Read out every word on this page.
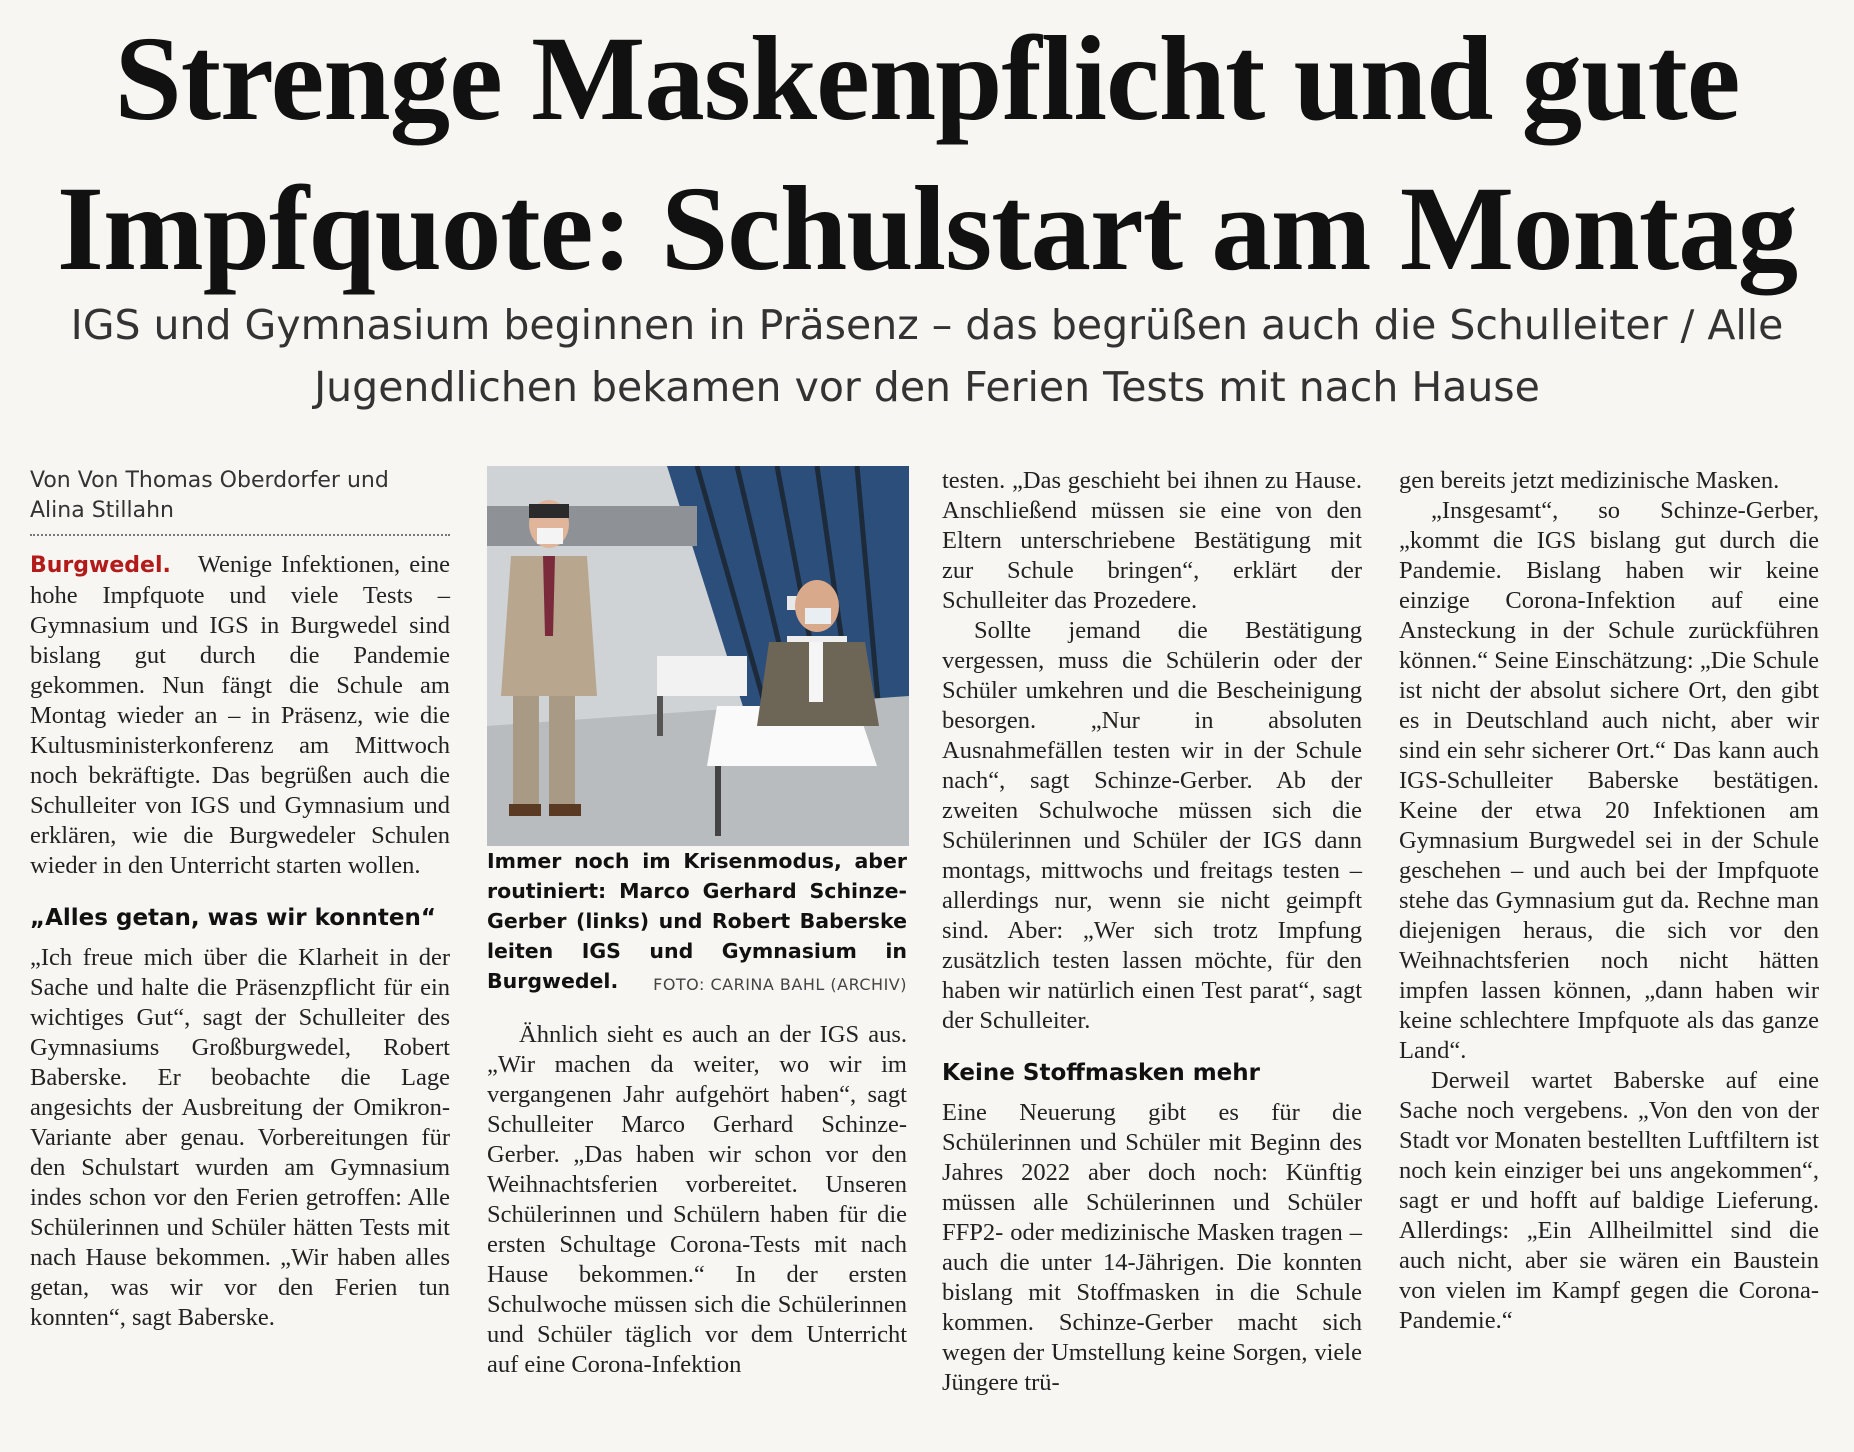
Strenge Maskenpflicht und gute Impfquote: Schulstart am Montag
IGS und Gymnasium beginnen in Präsenz – das begrüßen auch die Schulleiter / Alle Jugendlichen bekamen vor den Ferien Tests mit nach Hause
Von Von Thomas Oberdorfer und Alina Stillahn

Burgwedel. Wenige Infektionen, eine hohe Impfquote und viele Tests – Gymnasium und IGS in Burgwedel sind bislang gut durch die Pandemie gekommen. Nun fängt die Schule am Montag wieder an – in Präsenz, wie die Kultusministerkonferenz am Mittwoch noch bekräftigte. Das begrüßen auch die Schulleiter von IGS und Gymnasium und erklären, wie die Burgwedeler Schulen wieder in den Unterricht starten wollen.

„Alles getan, was wir konnten“

„Ich freue mich über die Klarheit in der Sache und halte die Präsenzpflicht für ein wichtiges Gut“, sagt der Schulleiter des Gymnasiums Großburgwedel, Robert Baberske. Er beobachte die Lage angesichts der Ausbreitung der Omikron-Variante aber genau. Vorbereitungen für den Schulstart wurden am Gymnasium indes schon vor den Ferien getroffen: Alle Schülerinnen und Schüler hätten Tests mit nach Hause bekommen. „Wir haben alles getan, was wir vor den Ferien tun konnten“, sagt Baberske.

Immer noch im Krisenmodus, aber routiniert: Marco Gerhard Schinze-Gerber (links) und Robert Baberske leiten IGS und Gymnasium in Burgwedel. FOTO: CARINA BAHL (ARCHIV)

Ähnlich sieht es auch an der IGS aus. „Wir machen da weiter, wo wir im vergangenen Jahr aufgehört haben“, sagt Schulleiter Marco Gerhard Schinze-Gerber. „Das haben wir schon vor den Weihnachtsferien vorbereitet. Unseren Schülerinnen und Schülern haben für die ersten Schultage Corona-Tests mit nach Hause bekommen.“ In der ersten Schulwoche müssen sich die Schülerinnen und Schüler täglich vor dem Unterricht auf eine Corona-Infektion

testen. „Das geschieht bei ihnen zu Hause. Anschließend müssen sie eine von den Eltern unterschriebene Bestätigung mit zur Schule bringen“, erklärt der Schulleiter das Prozedere.

Sollte jemand die Bestätigung vergessen, muss die Schülerin oder der Schüler umkehren und die Bescheinigung besorgen. „Nur in absoluten Ausnahmefällen testen wir in der Schule nach“, sagt Schinze-Gerber. Ab der zweiten Schulwoche müssen sich die Schülerinnen und Schüler der IGS dann montags, mittwochs und freitags testen – allerdings nur, wenn sie nicht geimpft sind. Aber: „Wer sich trotz Impfung zusätzlich testen lassen möchte, für den haben wir natürlich einen Test parat“, sagt der Schulleiter.

Keine Stoffmasken mehr

Eine Neuerung gibt es für die Schülerinnen und Schüler mit Beginn des Jahres 2022 aber doch noch: Künftig müssen alle Schülerinnen und Schüler FFP2- oder medizinische Masken tragen – auch die unter 14-Jährigen. Die konnten bislang mit Stoffmasken in die Schule kommen. Schinze-Gerber macht sich wegen der Umstellung keine Sorgen, viele Jüngere trü-

gen bereits jetzt medizinische Masken.

„Insgesamt“, so Schinze-Gerber, „kommt die IGS bislang gut durch die Pandemie. Bislang haben wir keine einzige Corona-Infektion auf eine Ansteckung in der Schule zurückführen können.“ Seine Einschätzung: „Die Schule ist nicht der absolut sichere Ort, den gibt es in Deutschland auch nicht, aber wir sind ein sehr sicherer Ort.“ Das kann auch IGS-Schulleiter Baberske bestätigen. Keine der etwa 20 Infektionen am Gymnasium Burgwedel sei in der Schule geschehen – und auch bei der Impfquote stehe das Gymnasium gut da. Rechne man diejenigen heraus, die sich vor den Weihnachtsferien noch nicht hätten impfen lassen können, „dann haben wir keine schlechtere Impfquote als das ganze Land“.

Derweil wartet Baberske auf eine Sache noch vergebens. „Von den von der Stadt vor Monaten bestellten Luftfiltern ist noch kein einziger bei uns angekommen“, sagt er und hofft auf baldige Lieferung. Allerdings: „Ein Allheilmittel sind die auch nicht, aber sie wären ein Baustein von vielen im Kampf gegen die Corona-Pandemie.“
